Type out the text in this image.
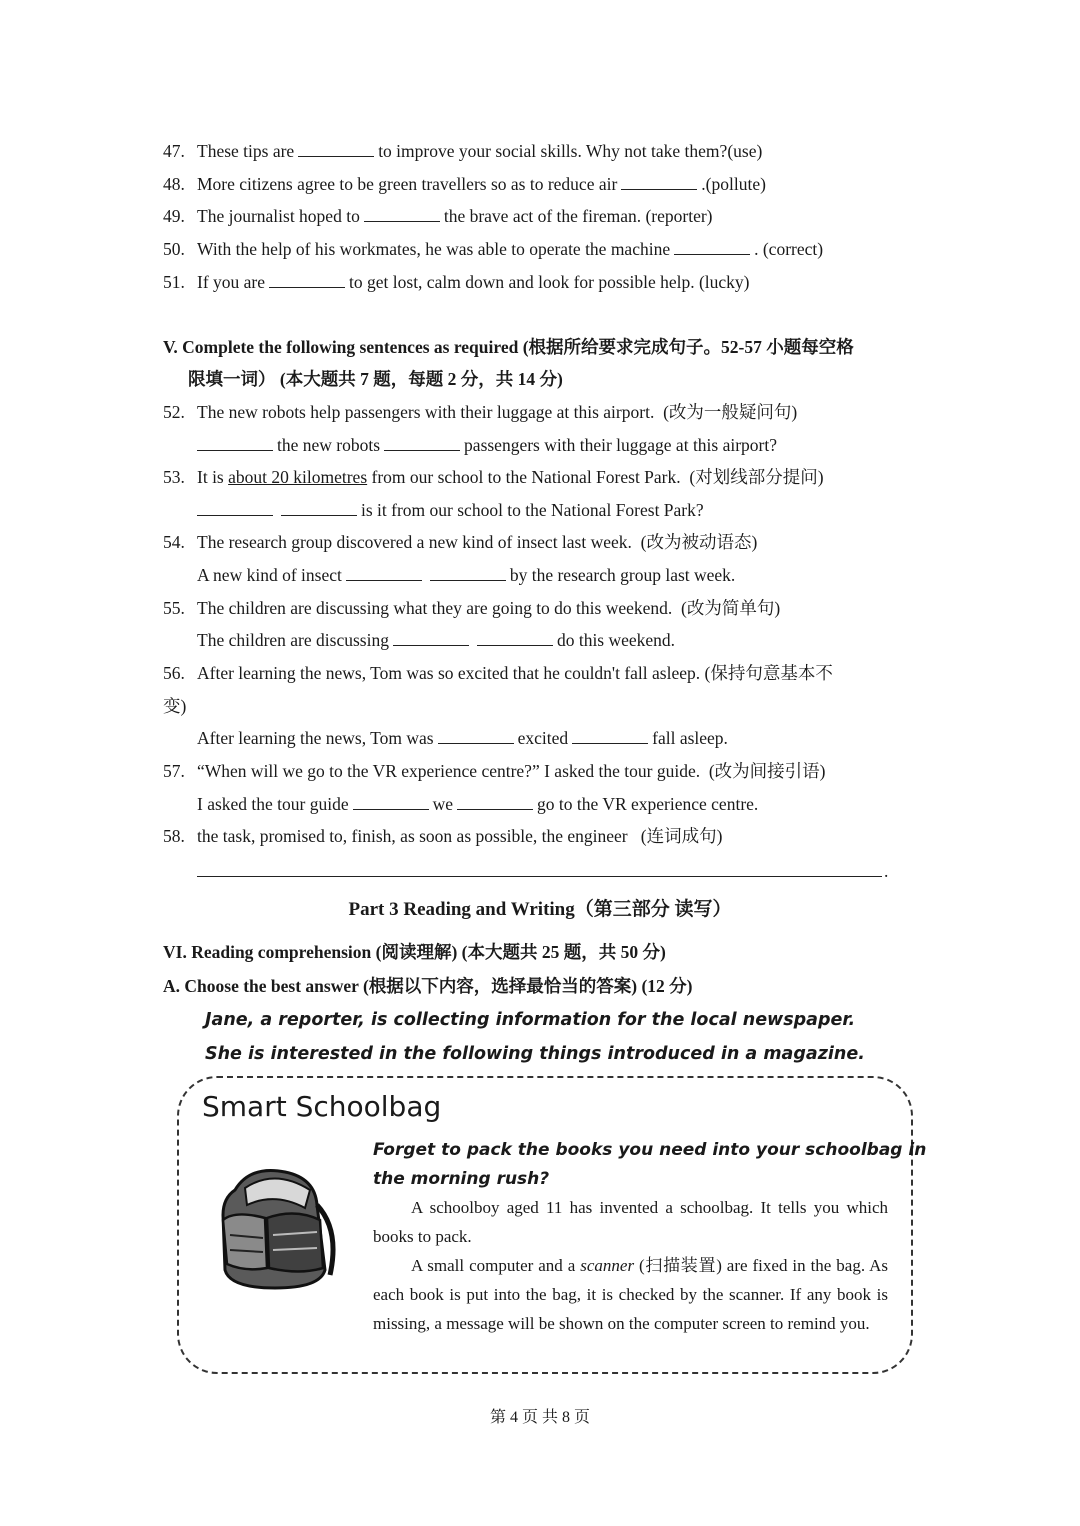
47. These tips are	to improve your social skills. Why not take them?(use)
48. More citizens agree to be green travellers so as to reduce air	.(pollute)
49. The journalist hoped to	the brave act of the fireman. (reporter)
50. With the help of his workmates, he was able to operate the machine	. (correct)
51. If you are	to get lost, calm down and look for possible help. (lucky)
V. Complete the following sentences as required (根据所给要求完成句子。52-57 小题每空格
限填一词） (本大题共 7 题，每题 2 分，共 14 分)
52. The new robots help passengers with their luggage at this airport. (改为一般疑问句)
the new robots	passengers with their luggage at this airport?
53. It is about 20 kilometres from our school to the National Forest Park. (对划线部分提问)
is it from our school to the National Forest Park?
54. The research group discovered a new kind of insect last week. (改为被动语态)
A new kind of insect	by the research group last week.
55. The children are discussing what they are going to do this weekend. (改为简单句)
The children are discussing	do this weekend.
56. After learning the news, Tom was so excited that he couldn't fall asleep. (保持句意基本不
变)
After learning the news, Tom was	excited	fall asleep.
57. “When will we go to the VR experience centre?” I asked the tour guide. (改为间接引语)
I asked the tour guide	we	go to the VR experience centre.
58. the task, promised to, finish, as soon as possible, the engineer (连词成句)
.
Part 3 Reading and Writing（第三部分 读写）
VI. Reading comprehension (阅读理解) (本大题共 25 题，共 50 分)
A. Choose the best answer (根据以下内容，选择最恰当的答案) (12 分)
Jane, a reporter, is collecting information for the local newspaper.
She is interested in the following things introduced in a magazine.
Smart Schoolbag
Forget to pack the books you need into your schoolbag in
the morning rush?
A schoolboy aged 11 has invented a schoolbag. It tells you which books to pack.
A small computer and a scanner (扫描装置) are fixed in the bag. As each book is put into the bag, it is checked by the scanner. If any book is missing, a message will be shown on the computer screen to remind you.
第 4 页 共 8 页
